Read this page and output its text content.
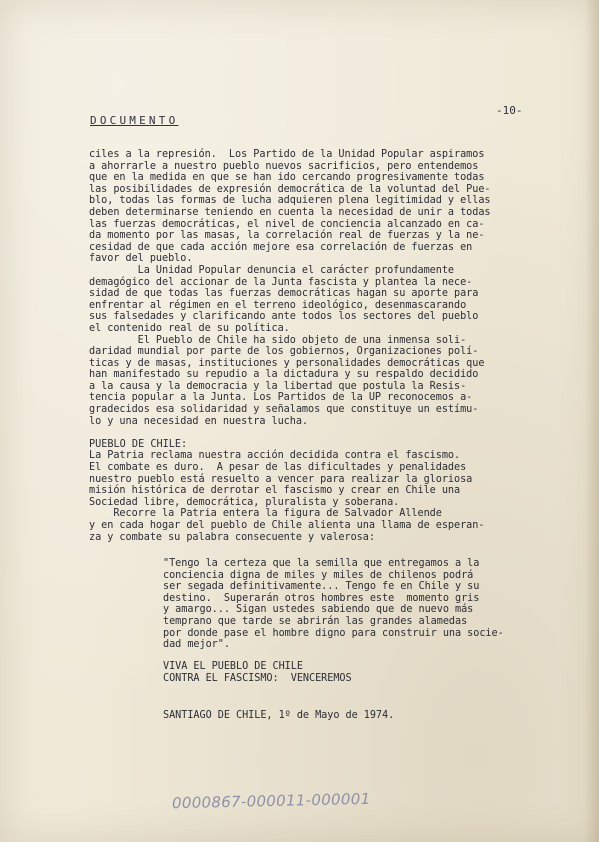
DOCUMENTO
-10-
ciles a la represión.  Los Partido de la Unidad Popular aspiramos
a ahorrarle a nuestro pueblo nuevos sacrificios, pero entendemos
que en la medida en que se han ido cercando progresivamente todas
las posibilidades de expresión democrática de la voluntad del Pue-
blo, todas las formas de lucha adquieren plena legitimidad y ellas
deben determinarse teniendo en cuenta la necesidad de unir a todas
las fuerzas democráticas, el nivel de conciencia alcanzado en ca-
da momento por las masas, la correlación real de fuerzas y la ne-
cesidad de que cada acción mejore esa correlación de fuerzas en
favor del pueblo.
La Unidad Popular denuncia el carácter profundamente
demagógico del accionar de la Junta fascista y plantea la nece-
sidad de que todas las fuerzas democráticas hagan su aporte para
enfrentar al régimen en el terreno ideológico, desenmascarando
sus falsedades y clarificando ante todos los sectores del pueblo
el contenido real de su política.
El Pueblo de Chile ha sido objeto de una inmensa soli-
daridad mundial por parte de los gobiernos, Organizaciones polí-
ticas y de masas, instituciones y personalidades democráticas que
han manifestado su repudio a la dictadura y su respaldo decidido
a la causa y la democracia y la libertad que postula la Resis-
tencia popular a la Junta. Los Partidos de la UP reconocemos a-
gradecidos esa solidaridad y señalamos que constituye un estímu-
lo y una necesidad en nuestra lucha.
PUEBLO DE CHILE:
La Patria reclama nuestra acción decidida contra el fascismo.
El combate es duro.  A pesar de las dificultades y penalidades
nuestro pueblo está resuelto a vencer para realizar la gloriosa
misión histórica de derrotar el fascismo y crear en Chile una
Sociedad libre, democrática, pluralista y soberana.
Recorre la Patria entera la figura de Salvador Allende
y en cada hogar del pueblo de Chile alienta una llama de esperan-
za y combate su palabra consecuente y valerosa:
"Tengo la certeza que la semilla que entregamos a la
conciencia digna de miles y miles de chilenos podrá
ser segada definitivamente... Tengo fe en Chile y su
destino.  Superarán otros hombres este  momento gris
y amargo... Sigan ustedes sabiendo que de nuevo más
temprano que tarde se abrirán las grandes alamedas
por donde pase el hombre digno para construir una socie-
dad mejor".
VIVA EL PUEBLO DE CHILE
CONTRA EL FASCISMO:  VENCEREMOS
SANTIAGO DE CHILE, 1º de Mayo de 1974.
0000867-000011-000001
